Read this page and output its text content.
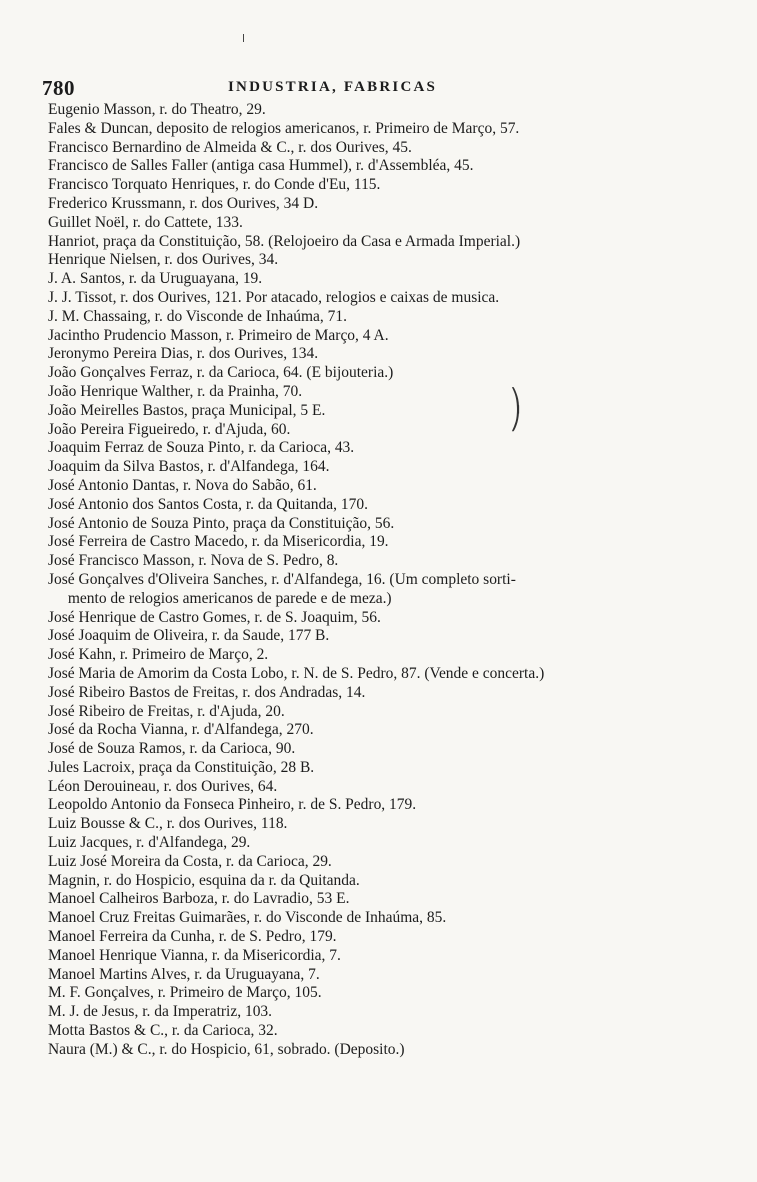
780	INDUSTRIA, FABRICAS
Eugenio Masson, r. do Theatro, 29.
Fales & Duncan, deposito de relogios americanos, r. Primeiro de Março, 57.
Francisco Bernardino de Almeida & C., r. dos Ourives, 45.
Francisco de Salles Faller (antiga casa Hummel), r. d'Assembléa, 45.
Francisco Torquato Henriques, r. do Conde d'Eu, 115.
Frederico Krussmann, r. dos Ourives, 34 D.
Guillet Noël, r. do Cattete, 133.
Hanriot, praça da Constituição, 58. (Relojoeiro da Casa e Armada Imperial.)
Henrique Nielsen, r. dos Ourives, 34.
J. A. Santos, r. da Uruguayana, 19.
J. J. Tissot, r. dos Ourives, 121. Por atacado, relogios e caixas de musica.
J. M. Chassaing, r. do Visconde de Inhaúma, 71.
Jacintho Prudencio Masson, r. Primeiro de Março, 4 A.
Jeronymo Pereira Dias, r. dos Ourives, 134.
João Gonçalves Ferraz, r. da Carioca, 64. (E bijouteria.)
João Henrique Walther, r. da Prainha, 70.
João Meirelles Bastos, praça Municipal, 5 E.
João Pereira Figueiredo, r. d'Ajuda, 60.
Joaquim Ferraz de Souza Pinto, r. da Carioca, 43.
Joaquim da Silva Bastos, r. d'Alfandega, 164.
José Antonio Dantas, r. Nova do Sabão, 61.
José Antonio dos Santos Costa, r. da Quitanda, 170.
José Antonio de Souza Pinto, praça da Constituição, 56.
José Ferreira de Castro Macedo, r. da Misericordia, 19.
José Francisco Masson, r. Nova de S. Pedro, 8.
José Gonçalves d'Oliveira Sanches, r. d'Alfandega, 16. (Um completo sorti-
mento de relogios americanos de parede e de meza.)
José Henrique de Castro Gomes, r. de S. Joaquim, 56.
José Joaquim de Oliveira, r. da Saude, 177 B.
José Kahn, r. Primeiro de Março, 2.
José Maria de Amorim da Costa Lobo, r. N. de S. Pedro, 87. (Vende e concerta.)
José Ribeiro Bastos de Freitas, r. dos Andradas, 14.
José Ribeiro de Freitas, r. d'Ajuda, 20.
José da Rocha Vianna, r. d'Alfandega, 270.
José de Souza Ramos, r. da Carioca, 90.
Jules Lacroix, praça da Constituição, 28 B.
Léon Derouineau, r. dos Ourives, 64.
Leopoldo Antonio da Fonseca Pinheiro, r. de S. Pedro, 179.
Luiz Bousse & C., r. dos Ourives, 118.
Luiz Jacques, r. d'Alfandega, 29.
Luiz José Moreira da Costa, r. da Carioca, 29.
Magnin, r. do Hospicio, esquina da r. da Quitanda.
Manoel Calheiros Barboza, r. do Lavradio, 53 E.
Manoel Cruz Freitas Guimarães, r. do Visconde de Inhaúma, 85.
Manoel Ferreira da Cunha, r. de S. Pedro, 179.
Manoel Henrique Vianna, r. da Misericordia, 7.
Manoel Martins Alves, r. da Uruguayana, 7.
M. F. Gonçalves, r. Primeiro de Março, 105.
M. J. de Jesus, r. da Imperatriz, 103.
Motta Bastos & C., r. da Carioca, 32.
Naura (M.) & C., r. do Hospicio, 61, sobrado. (Deposito.)
⎞
⎠
